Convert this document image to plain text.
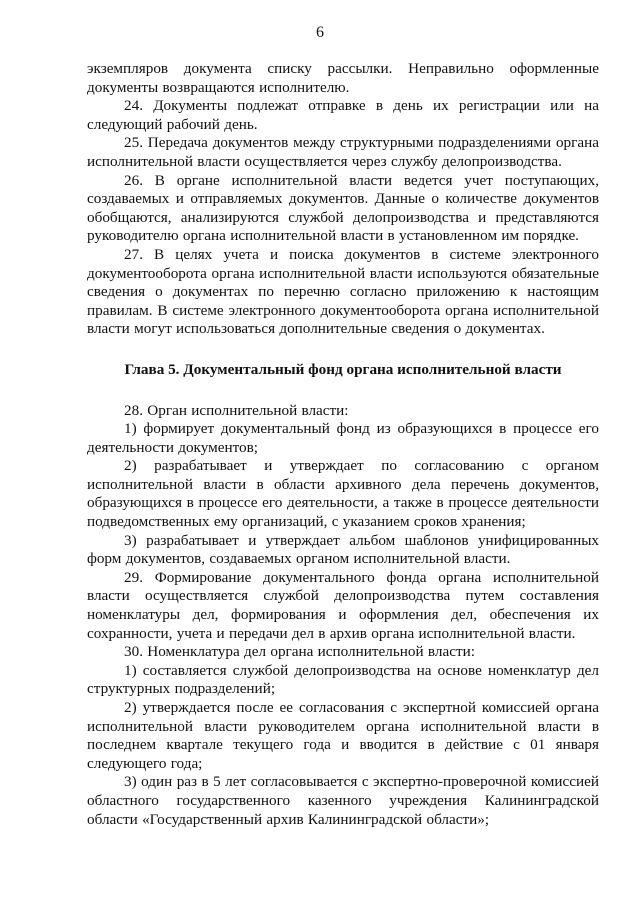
6

экземпляров документа списку рассылки. Неправильно оформленные документы возвращаются исполнителю.

24. Документы подлежат отправке в день их регистрации или на следующий рабочий день.

25. Передача документов между структурными подразделениями органа исполнительной власти осуществляется через службу делопроизводства.

26. В органе исполнительной власти ведется учет поступающих, создаваемых и отправляемых документов. Данные о количестве документов обобщаются, анализируются службой делопроизводства и представляются руководителю органа исполнительной власти в установленном им порядке.

27. В целях учета и поиска документов в системе электронного документооборота органа исполнительной власти используются обязательные сведения о документах по перечню согласно приложению к настоящим правилам. В системе электронного документооборота органа исполнительной власти могут использоваться дополнительные сведения о документах.

Глава 5. Документальный фонд органа исполнительной власти

28. Орган исполнительной власти:

1) формирует документальный фонд из образующихся в процессе его деятельности документов;

2) разрабатывает и утверждает по согласованию с органом исполнительной власти в области архивного дела перечень документов, образующихся в процессе его деятельности, а также в процессе деятельности подведомственных ему организаций, с указанием сроков хранения;

3) разрабатывает и утверждает альбом шаблонов унифицированных форм документов, создаваемых органом исполнительной власти.

29. Формирование документального фонда органа исполнительной власти осуществляется службой делопроизводства путем составления номенклатуры дел, формирования и оформления дел, обеспечения их сохранности, учета и передачи дел в архив органа исполнительной власти.

30. Номенклатура дел органа исполнительной власти:

1) составляется службой делопроизводства на основе номенклатур дел структурных подразделений;

2) утверждается после ее согласования с экспертной комиссией органа исполнительной власти руководителем органа исполнительной власти в последнем квартале текущего года и вводится в действие с 01 января следующего года;

3) один раз в 5 лет согласовывается с экспертно-проверочной комиссией областного государственного казенного учреждения Калининградской области «Государственный архив Калининградской области»;
